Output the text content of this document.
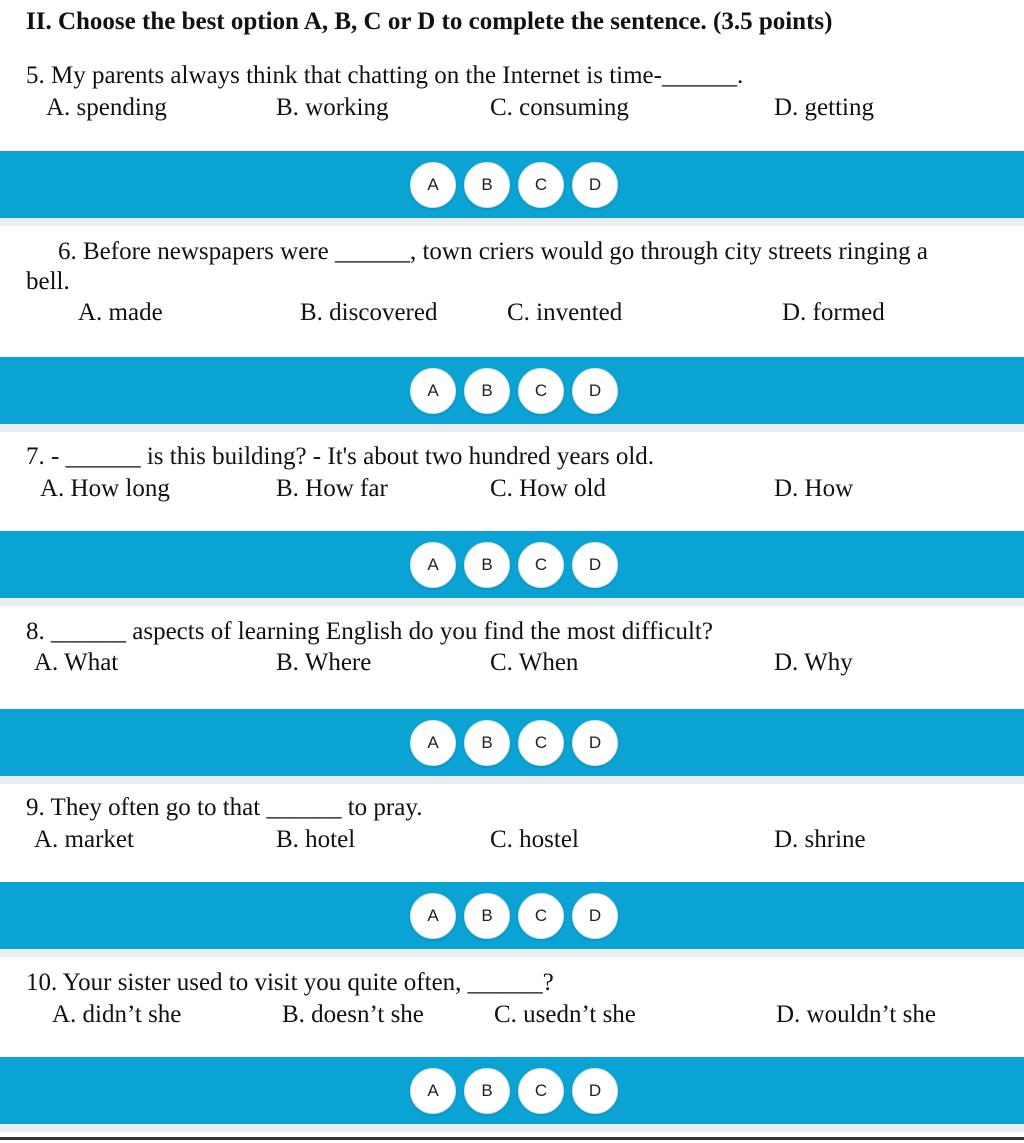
II. Choose the best option A, B, C or D to complete the sentence. (3.5 points)
5. My parents always think that chatting on the Internet is time-______.
A. spending	B. working	C. consuming	D. getting
A	B	C	D
6. Before newspapers were ______, town criers would go through city streets ringing a
bell.
A. made	B. discovered	C. invented	D. formed
A	B	C	D
7. - ______ is this building? - It's about two hundred years old.
A. How long	B. How far	C. How old	D. How
A	B	C	D
8. ______ aspects of learning English do you find the most difficult?
A. What	B. Where	C. When	D. Why
A	B	C	D
9. They often go to that ______ to pray.
A. market	B. hotel	C. hostel	D. shrine
A	B	C	D
10. Your sister used to visit you quite often, ______?
A. didn’t she	B. doesn’t she	C. usedn’t she	D. wouldn’t she
A	B	C	D
